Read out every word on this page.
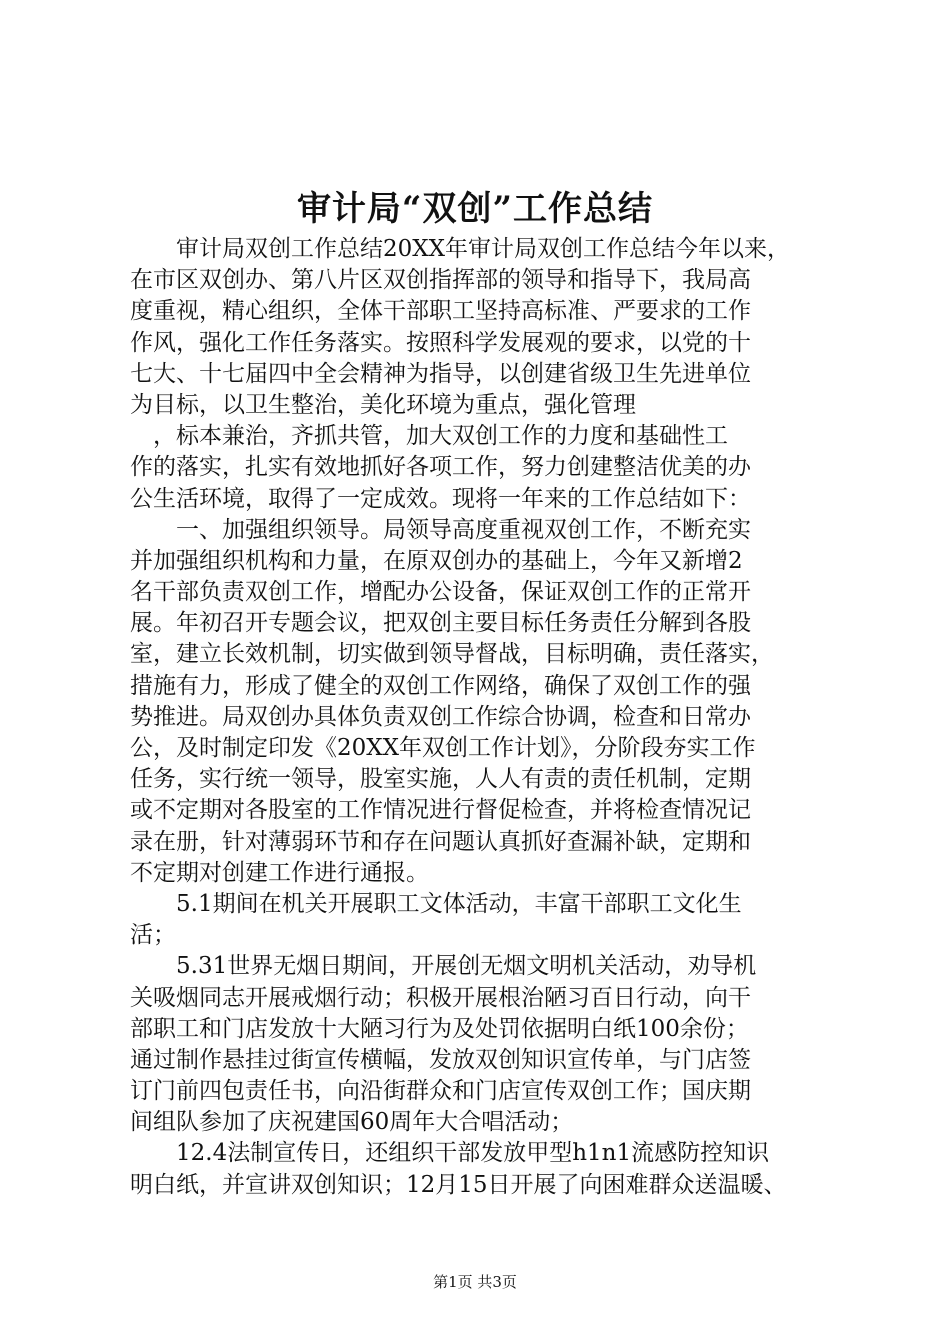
审计局“双创”工作总结
　　审计局双创工作总结20XX年审计局双创工作总结今年以来，
在市区双创办、第八片区双创指挥部的领导和指导下，我局高
度重视，精心组织，全体干部职工坚持高标准、严要求的工作
作风，强化工作任务落实。按照科学发展观的要求，以党的十
七大、十七届四中全会精神为指导，以创建省级卫生先进单位
为目标，以卫生整治，美化环境为重点，强化管理
　，标本兼治，齐抓共管，加大双创工作的力度和基础性工
作的落实，扎实有效地抓好各项工作，努力创建整洁优美的办
公生活环境，取得了一定成效。现将一年来的工作总结如下：
　　一、加强组织领导。局领导高度重视双创工作，不断充实
并加强组织机构和力量，在原双创办的基础上，今年又新增2
名干部负责双创工作，增配办公设备，保证双创工作的正常开
展。年初召开专题会议，把双创主要目标任务责任分解到各股
室，建立长效机制，切实做到领导督战，目标明确，责任落实，
措施有力，形成了健全的双创工作网络，确保了双创工作的强
势推进。局双创办具体负责双创工作综合协调，检查和日常办
公，及时制定印发《20XX年双创工作计划》，分阶段夯实工作
任务，实行统一领导，股室实施，人人有责的责任机制，定期
或不定期对各股室的工作情况进行督促检查，并将检查情况记
录在册，针对薄弱环节和存在问题认真抓好查漏补缺，定期和
不定期对创建工作进行通报。
　　5.1期间在机关开展职工文体活动，丰富干部职工文化生
活；
　　5.31世界无烟日期间，开展创无烟文明机关活动，劝导机
关吸烟同志开展戒烟行动；积极开展根治陋习百日行动，向干
部职工和门店发放十大陋习行为及处罚依据明白纸100余份；
通过制作悬挂过街宣传横幅，发放双创知识宣传单，与门店签
订门前四包责任书，向沿街群众和门店宣传双创工作；国庆期
间组队参加了庆祝建国60周年大合唱活动；
　　12.4法制宣传日，还组织干部发放甲型h1n1流感防控知识
明白纸，并宣讲双创知识；12月15日开展了向困难群众送温暖、
第1页 共3页
